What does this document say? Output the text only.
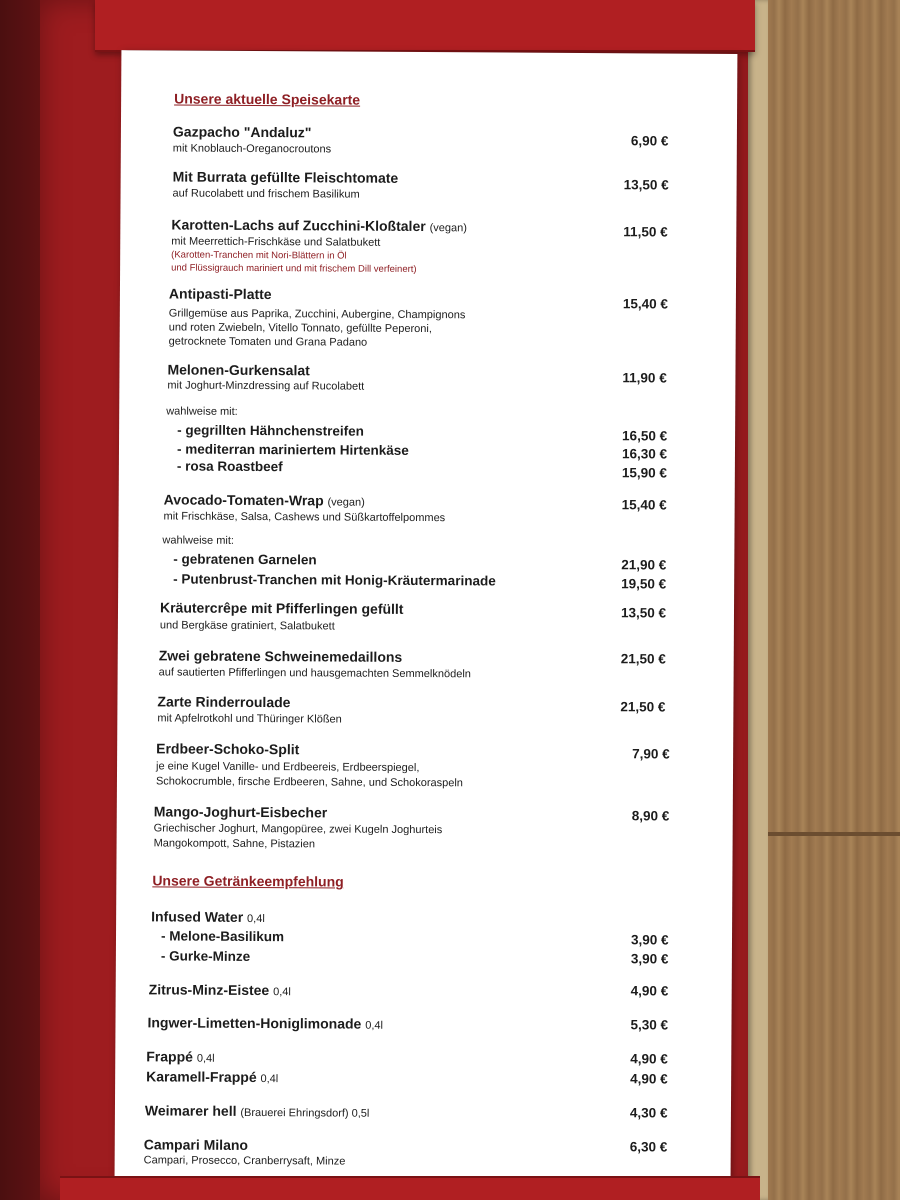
Unsere aktuelle Speisekarte
Gazpacho "Andaluz"
mit Knoblauch-Oreganocroutons
6,90 €
Mit Burrata gefüllte Fleischtomate
auf Rucolabett und frischem Basilikum
13,50 €
Karotten-Lachs auf Zucchini-Kloßtaler (vegan)
mit Meerrettich-Frischkäse und Salatbukett
(Karotten-Tranchen mit Nori-Blättern in Öl
und Flüssigrauch mariniert und mit frischem Dill verfeinert)
11,50 €
Antipasti-Platte
Grillgemüse aus Paprika, Zucchini, Aubergine, Champignons
und roten Zwiebeln, Vitello Tonnato, gefüllte Peperoni,
getrocknete Tomaten und Grana Padano
15,40 €
Melonen-Gurkensalat
mit Joghurt-Minzdressing auf Rucolabett
11,90 €
wahlweise mit:
- gegrillten Hähnchenstreifen	16,50 €
- mediterran mariniertem Hirtenkäse	16,30 €
- rosa Roastbeef	15,90 €
Avocado-Tomaten-Wrap (vegan)
mit Frischkäse, Salsa, Cashews und Süßkartoffelpommes
15,40 €
wahlweise mit:
- gebratenen Garnelen	21,90 €
- Putenbrust-Tranchen mit Honig-Kräutermarinade	19,50 €
Kräutercrêpe mit Pfifferlingen gefüllt
und Bergkäse gratiniert, Salatbukett
13,50 €
Zwei gebratene Schweinemedaillons
auf sautierten Pfifferlingen und hausgemachten Semmelknödeln
21,50 €
Zarte Rinderroulade
mit Apfelrotkohl und Thüringer Klößen
21,50 €
Erdbeer-Schoko-Split
je eine Kugel Vanille- und Erdbeereis, Erdbeerspiegel,
Schokocrumble, firsche Erdbeeren, Sahne, und Schokoraspeln
7,90 €
Mango-Joghurt-Eisbecher
Griechischer Joghurt, Mangopüree, zwei Kugeln Joghurteis
Mangokompott, Sahne, Pistazien
8,90 €
Unsere Getränkeempfehlung
Infused Water 0,4l
- Melone-Basilikum	3,90 €
- Gurke-Minze	3,90 €
Zitrus-Minz-Eistee 0,4l	4,90 €
Ingwer-Limetten-Honiglimonade 0,4l	5,30 €
Frappé 0,4l	4,90 €
Karamell-Frappé 0,4l	4,90 €
Weimarer hell (Brauerei Ehringsdorf) 0,5l	4,30 €
Campari Milano
Campari, Prosecco, Cranberrysaft, Minze
6,30 €
